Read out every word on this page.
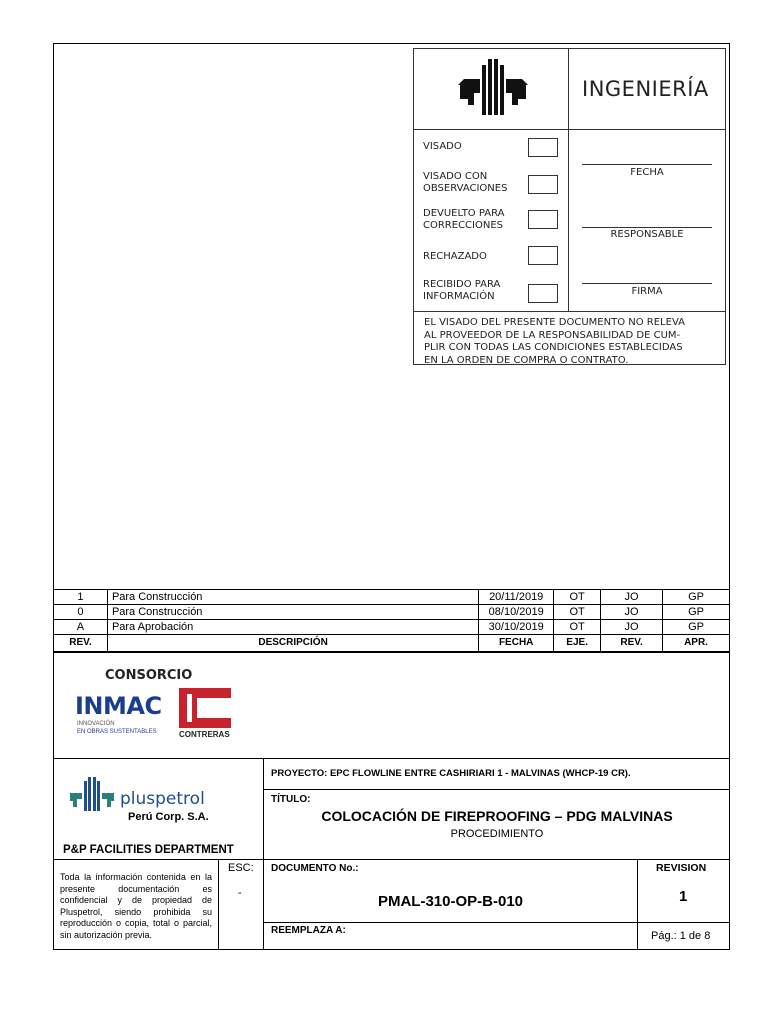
INGENIERÍA
VISADO
VISADO CON
OBSERVACIONES
DEVUELTO PARA
CORRECCIONES
RECHAZADO
RECIBIDO PARA
INFORMACIÓN
FECHA
RESPONSABLE
FIRMA
EL VISADO DEL PRESENTE DOCUMENTO NO RELEVA
AL PROVEEDOR DE LA RESPONSABILIDAD DE CUM-
PLIR CON TODAS LAS CONDICIONES ESTABLECIDAS
EN LA ORDEN DE COMPRA O CONTRATO.
1	Para Construcción	20/11/2019	OT	JO	GP
0	Para Construcción	08/10/2019	OT	JO	GP
A	Para Aprobación	30/10/2019	OT	JO	GP
REV.	DESCRIPCIÓN	FECHA	EJE.	REV.	APR.
CONSORCIO
INMAC
INNOVACIÓN
EN OBRAS SUSTENTABLES	CONTRERAS
pluspetrol
Perú Corp. S.A.
PROYECTO: EPC FLOWLINE ENTRE CASHIRIARI 1 - MALVINAS (WHCP-19 CR).
TÍTULO:
COLOCACIÓN DE FIREPROOFING – PDG MALVINAS
PROCEDIMIENTO
P&P FACILITIES DEPARTMENT
Toda la información contenida en la presente documentación es confidencial y de propiedad de Pluspetrol, siendo prohibida su reproducción o copia, total o parcial, sin autorización previa.
ESC:
-
DOCUMENTO No.:
PMAL-310-OP-B-010
REEMPLAZA A:
REVISION
1
Pág.: 1 de 8
